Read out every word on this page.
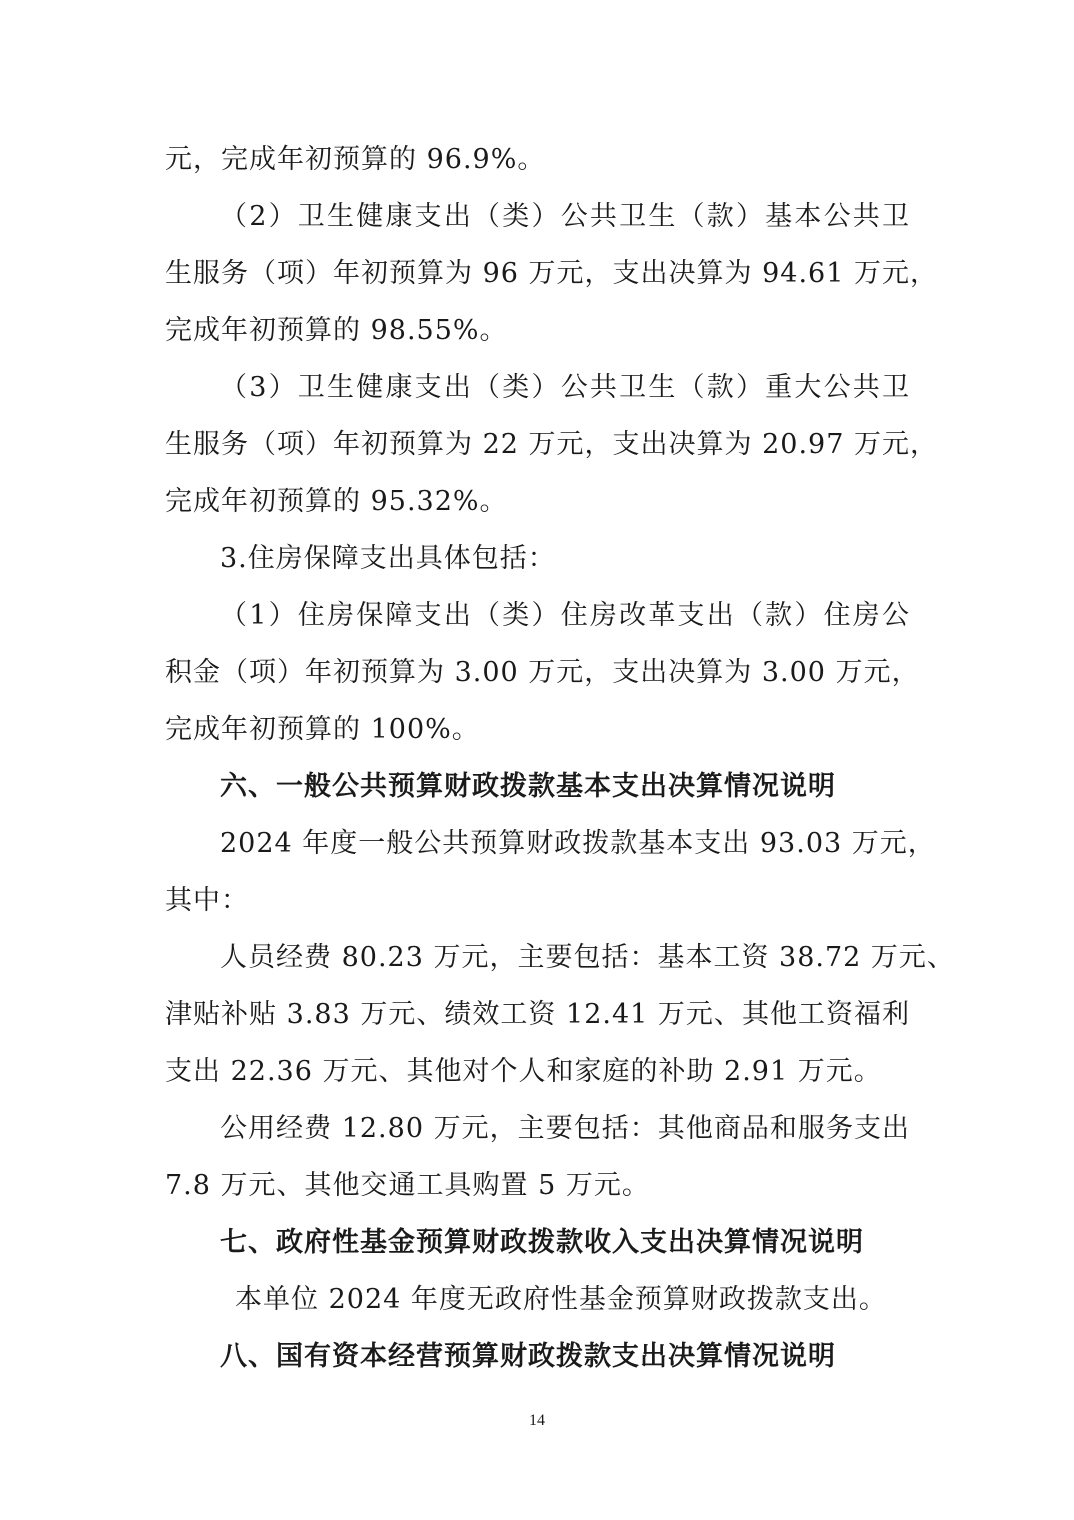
元，完成年初预算的 96.9%。
（2）卫生健康支出（类）公共卫生（款）基本公共卫
生服务（项）年初预算为 96 万元，支出决算为 94.61 万元，
完成年初预算的 98.55%。
（3）卫生健康支出（类）公共卫生（款）重大公共卫
生服务（项）年初预算为 22 万元，支出决算为 20.97 万元，
完成年初预算的 95.32%。
3.住房保障支出具体包括：
（1）住房保障支出（类）住房改革支出（款）住房公
积金（项）年初预算为 3.00 万元，支出决算为 3.00 万元，
完成年初预算的 100%。
六、一般公共预算财政拨款基本支出决算情况说明
2024 年度一般公共预算财政拨款基本支出 93.03 万元，
其中：
人员经费 80.23 万元，主要包括：基本工资 38.72 万元、
津贴补贴 3.83 万元、绩效工资 12.41 万元、其他工资福利
支出 22.36 万元、其他对个人和家庭的补助 2.91 万元。
公用经费 12.80 万元，主要包括：其他商品和服务支出
7.8 万元、其他交通工具购置 5 万元。
七、政府性基金预算财政拨款收入支出决算情况说明
本单位 2024 年度无政府性基金预算财政拨款支出。
八、国有资本经营预算财政拨款支出决算情况说明
14
